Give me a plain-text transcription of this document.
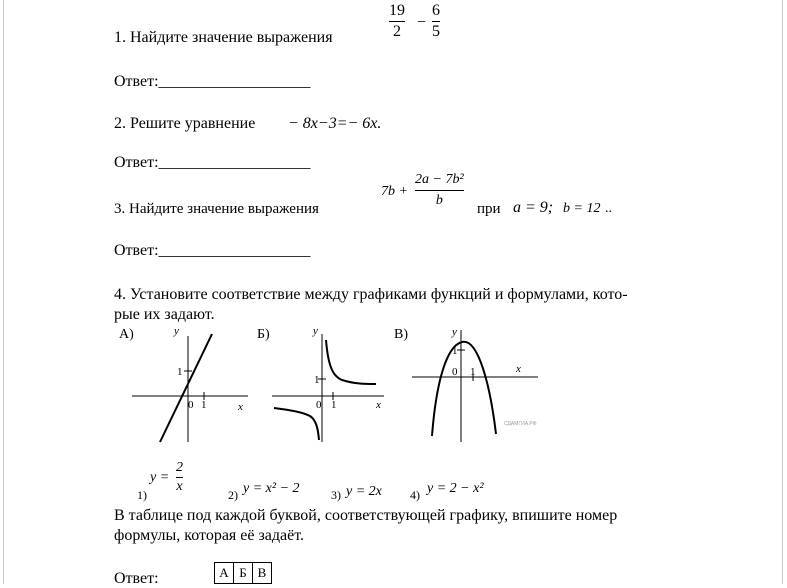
1. Найдите значение выражения
19
2
−
6
5
Ответ:___________________
2. Решите уравнение − 8x−3=− 6x.
Ответ:___________________
3. Найдите значение выражения
7b +
2a − 7b²
b
при a = 9; b = 12 ..
Ответ:___________________
4. Установите соответствие между графиками функций и формулами, кото-
рые их задают.
А)	y
x
1
0 1
Б)	y
x
1
0 1
В)	y
x
1
0 1
СДАМГИА.РФ
1)
y =
2
x
2) y = x² − 2	3) y = 2x 4) y = 2 − x²
В таблице под каждой буквой, соответствующей графику, впишите номер
формулы, которая её задаёт.
Ответ:	А Б В
